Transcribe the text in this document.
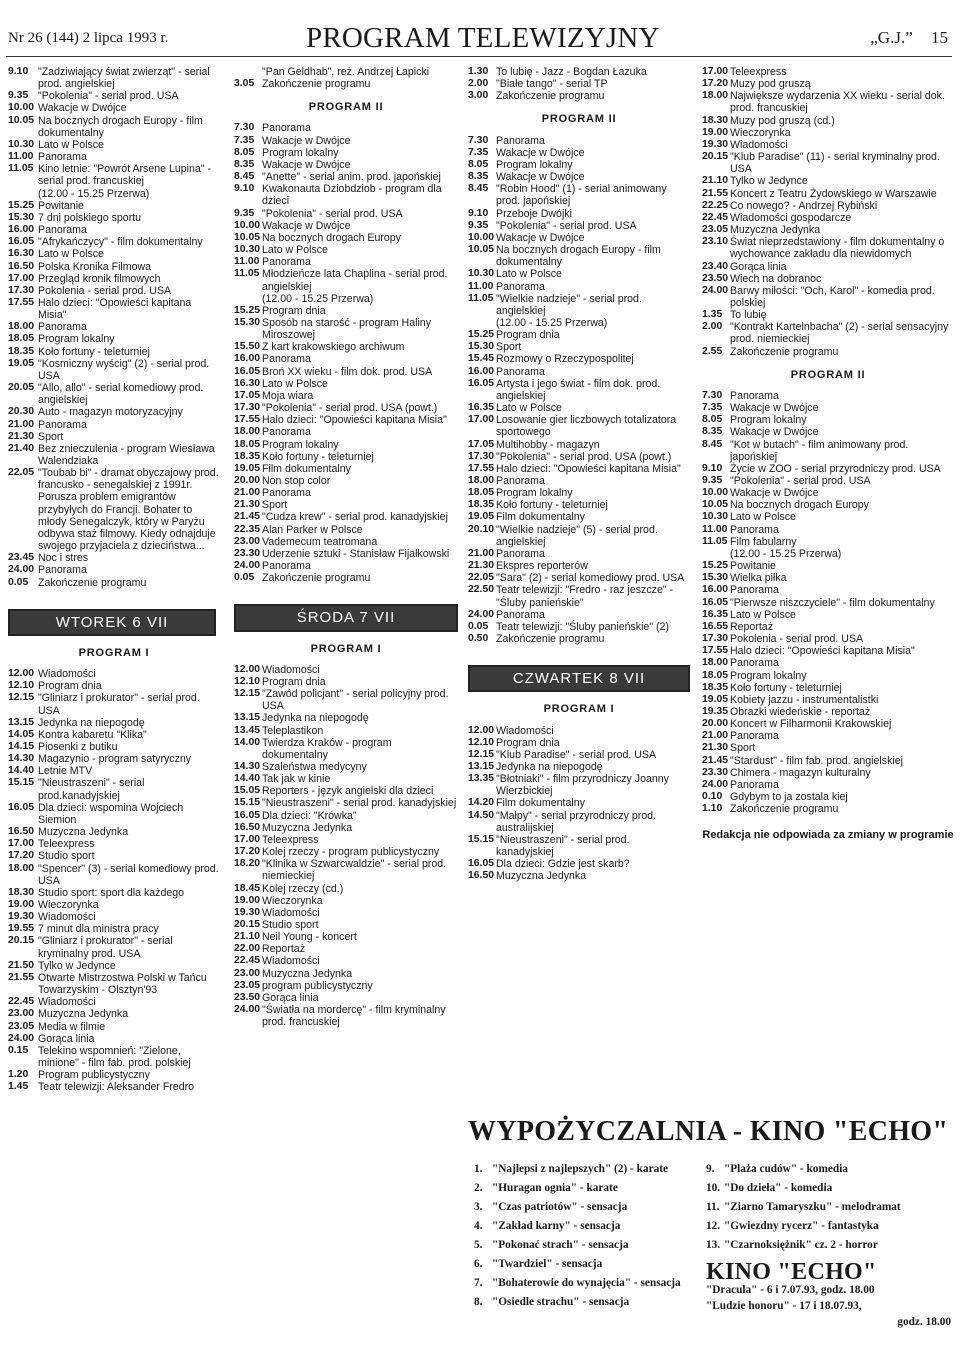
Nr 26 (144) 2 lipca 1993 r.	PROGRAM TELEWIZYJNY	„G.J.” 15
9.10 "Zadziwiający świat zwierząt" - serial prod. angielskiej
9.35 "Pokolenia" - serial prod. USA
10.00 Wakacje w Dwójce
10.05 Na bocznych drogach Europy - film dokumentalny
10.30 Lato w Polsce
11.00 Panorama
11.05 Kino letnie: "Powrót Arsene Lupina" - serial prod. francuskiej
(12.00 - 15.25 Przerwa)
15.25 Powitanie
15.30 7 dni polskiego sportu
16.00 Panorama
16.05 "Afrykańczycy" - film dokumentalny
16.30 Lato w Polsce
16.50 Polska Kronika Filmowa
17.00 Przegląd kronik filmowych
17.30 Pokolenia - serial prod. USA
17.55 Halo dzieci: "Opowieści kapitana Misia"
18.00 Panorama
18.05 Program lokalny
18.35 Koło fortuny - teleturniej
19.05 "Kosmiczny wyścig" (2) - serial prod. USA
20.05 "Allo, allo" - serial komediowy prod. angielskiej
20.30 Auto - magazyn motoryzacyjny
21.00 Panorama
21.30 Sport
21.40 Bez znieczulenia - program Wiesława Walendziaka
22.05 "Toubab bi" - dramat obyczajowy prod. francusko - senegalskiej z 1991r. Porusza problem emigrantów przybyłych do Francji. Bohater to młody Senegalczyk, który w Paryżu odbywa staż filmowy. Kiedy odnajduje swojego przyjaciela z dzieciństwa...
23.45 Noc i stres
24.00 Panorama
0.05 Zakończenie programu
WTOREK 6 VII
PROGRAM I
12.00 Wiadomości
12.10 Program dnia
12.15 "Gliniarz i prokurator" - serial prod. USA
13.15 Jedynka na niepogodę
14.05 Kontra kabaretu "Klika"
14.15 Piosenki z butiku
14.30 Magazynio - program satyryczny
14.40 Letnie MTV
15.15 "Nieustraszeni" - serial prod.kanadyjskiej
16.05 Dla dzieci: wspomina Wojciech Siemion
16.50 Muzyczna Jedynka
17.00 Teleexpress
17.20 Studio sport
18.00 "Spencer" (3) - serial komediowy prod. USA
18.30 Studio sport: sport dla każdego
19.00 Wieczorynka
19.30 Wiadomości
19.55 7 minut dla ministra pracy
20.15 "Gliniarz i prokurator" - serial kryminalny prod. USA
21.50 Tylko w Jedynce
21.55 Otwarte Mistrzostwa Polski w Tańcu Towarzyskim - Olsztyn'93
22.45 Wiadomości
23.00 Muzyczna Jedynka
23.05 Media w filmie
24.00 Gorąca linia
0.15 Telekino wspomnień: "Zielone, minione" - film fab. prod. polskiej
1.20 Program publicystyczny
1.45 Teatr telewizji: Aleksander Fredro
"Pan Geldhab", reż. Andrzej Łapicki
3.05 Zakończenie programu
PROGRAM II
7.30 Panorama
7.35 Wakacje w Dwójce
8.05 Program lokalny
8.35 Wakacje w Dwójce
8.45 "Anette" - serial anim. prod. japońskiej
9.10 Kwakonauta Dziobdziob - program dla dzieci
9.35 "Pokolenia" - serial prod. USA
10.00 Wakacje w Dwójce
10.05 Na bocznych drogach Europy
10.30 Lato w Polsce
11.00 Panorama
11.05 Młodzieńcze lata Chaplina - serial prod. angielskiej
(12.00 - 15.25 Przerwa)
15.25 Program dnia
15.30 Sposób na starość - program Haliny Miroszowej
15.50 Z kart krakowskiego archiwum
16.00 Panorama
16.05 Broń XX wieku - film dok. prod. USA
16.30 Lato w Polsce
17.05 Moja wiara
17.30 "Pokolenia" - serial prod. USA (powt.)
17.55 Halo dzieci: "Opowieści kapitana Misia"
18.00 Panorama
18.05 Program lokalny
18.35 Koło fortuny - teleturniej
19.05 Film dokumentalny
20.00 Non stop color
21.00 Panorama
21.30 Sport
21.45 "Cudza krew" - serial prod. kanadyjskiej
22.35 Alan Parker w Polsce
23.00 Vademecum teatromana
23.30 Uderzenie sztuki - Stanisław Fijałkowski
24.00 Panorama
0.05 Zakończenie programu
ŚRODA 7 VII
PROGRAM I
12.00 Wiadomości
12.10 Program dnia
12.15 "Zawód policjant" - serial policyjny prod. USA
13.15 Jedynka na niepogodę
13.45 Teleplastikon
14.00 Twierdza Kraków - program dokumentalny
14.30 Szaleństwa medycyny
14.40 Tak jak w kinie
15.05 Reporters - język angielski dla dzieci
15.15 "Nieustraszeni" - serial prod. kanadyjskiej
16.05 Dla dzieci: "Krówka"
16.50 Muzyczna Jedynka
17.00 Teleexpress
17.20 Kolej rzeczy - program publicystyczny
18.20 "Klinika w Szwarcwaldzie" - serial prod. niemieckiej
18.45 Kolej rzeczy (cd.)
19.00 Wieczorynka
19.30 Wiadomości
20.15 Studio sport
21.10 Neil Young - koncert
22.00 Reportaż
22.45 Wiadomości
23.00 Muzyczna Jedynka
23.05 program publicystyczny
23.50 Gorąca linia
24.00 "Światła na mordercę" - film kryminalny prod. francuskiej
1.30 To lubię - Jazz - Bogdan Łazuka
2.00 "Białe tango" - serial TP
3.00 Zakończenie programu
PROGRAM II
7.30 Panorama
7.35 Wakacje w Dwójce
8.05 Program lokalny
8.35 Wakacje w Dwójce
8.45 "Robin Hood" (1) - serial animowany prod. japońskiej
9.10 Przeboje Dwójki
9.35 "Pokolenia" - serial prod. USA
10.00 Wakacje w Dwójce
10.05 Na bocznych drogach Europy - film dokumentalny
10.30 Lato w Polsce
11.00 Panorama
11.05 "Wielkie nadzieje" - serial prod. angielskiej
(12.00 - 15.25 Przerwa)
15.25 Program dnia
15.30 Sport
15.45 Rozmowy o Rzeczypospolitej
16.00 Panorama
16.05 Artysta i jego świat - film dok. prod. angielskiej
16.35 Lato w Polsce
17.00 Losowanie gier liczbowych totalizatora sportowego
17.05 Multihobby - magazyn
17.30 "Pokolenia" - serial prod. USA (powt.)
17.55 Halo dzieci: "Opowieści kapitana Misia"
18.00 Panorama
18.05 Program lokalny
18.35 Koło fortuny - teleturniej
19.05 Film dokumentalny
20.10 "Wielkie nadzieje" (5) - serial prod. angielskiej
21.00 Panorama
21.30 Ekspres reporterów
22.05 "Sara" (2) - serial komediowy prod. USA
22.50 Teatr telewizji: "Fredro - raz jeszcze" - "Śluby panieńskie"
24.00 Panorama
0.05 Teatr telewizji: "Śluby panieńskie" (2)
0.50 Zakończenie programu
CZWARTEK 8 VII
PROGRAM I
12.00 Wiadomości
12.10 Program dnia
12.15 "Klub Paradise" - serial prod. USA
13.15 Jedynka na niepogodę
13.35 "Błotniaki" - film przyrodniczy Joanny Wierzbickiej
14.20 Film dokumentalny
14.50 "Małpy" - serial przyrodniczy prod. australijskiej
15.15 "Nieustraszeni" - serial prod. kanadyjskiej
16.05 Dla dzieci: Gdzie jest skarb?
16.50 Muzyczna Jedynka
17.00 Teleexpress
17.20 Muzy pod gruszą
18.00 Największe wydarzenia XX wieku - serial dok. prod. francuskiej
18.30 Muzy pod gruszą (cd.)
19.00 Wieczorynka
19.30 Wiadomości
20.15 "Klub Paradise" (11) - serial kryminalny prod. USA
21.10 Tylko w Jedynce
21.55 Koncert z Teatru Żydowskiego w Warszawie
22.25 Co nowego? - Andrzej Rybiński
22.45 Wiadomości gospodarcze
23.05 Muzyczna Jedynka
23.10 Świat nieprzedstawiony - film dokumentalny o wychowance zakładu dla niewidomych
23.40 Gorąca linia
23.50 Wiech na dobranoc
24.00 Barwy miłości: "Och, Karol" - komedia prod. polskiej
1.35 To lubię
2.00 "Kontrakt Kartelnbacha" (2) - serial sensacyjny prod. niemieckiej
2.55 Zakończenie programu
PROGRAM II
7.30 Panorama
7.35 Wakacje w Dwójce
8.05 Program lokalny
8.35 Wakacje w Dwójce
8.45 "Kot w butach" - film animowany prod. japońskiej
9.10 Życie w ZOO - serial przyrodniczy prod. USA
9.35 "Pokolenia" - serial prod. USA
10.00 Wakacje w Dwójce
10.05 Na bocznych drogach Europy
10.30 Lato w Polsce
11.00 Panorama
11.05 Film fabularny
(12.00 - 15.25 Przerwa)
15.25 Powitanie
15.30 Wielka piłka
16.00 Panorama
16.05 "Pierwsze niszczyciele" - film dokumentalny
16.35 Lato w Polsce
16.55 Reportaż
17.30 Pokolenia - serial prod. USA
17.55 Halo dzieci: "Opowieści kapitana Misia"
18.00 Panorama
18.05 Program lokalny
18.35 Koło fortuny - teleturniej
19.05 Kobiety jazzu - instrumentalistki
19.35 Obrazki wiedeńskie - reportaż
20.00 Koncert w Filharmonii Krakowskiej
21.00 Panorama
21.30 Sport
21.45 "Stardust" - film fab. prod. angielskiej
23.30 Chimera - magazyn kulturalny
24.00 Panorama
0.10 Gdybym to ja zostala kiej
1.10 Zakończenie programu
Redakcja nie odpowiada za zmiany w programie
WYPOŻYCZALNIA - KINO "ECHO"
1. "Najlepsi z najlepszych" (2) - karate
2. "Huragan ognia" - karate
3. "Czas patriotów" - sensacja
4. "Zakład karny" - sensacja
5. "Pokonać strach" - sensacja
6. "Twardziel" - sensacja
7. "Bohaterowie do wynajęcia" - sensacja
8. "Osiedle strachu" - sensacja
9. "Plaża cudów" - komedia
10. "Do dzieła" - komedia
11. "Ziarno Tamaryszku" - melodramat
12. "Gwiezdny rycerz" - fantastyka
13. "Czarnoksiężnik" cz. 2 - horror
KINO "ECHO"
"Dracula" - 6 i 7.07.93, godz. 18.00
"Ludzie honoru" - 17 i 18.07.93,
godz. 18.00
